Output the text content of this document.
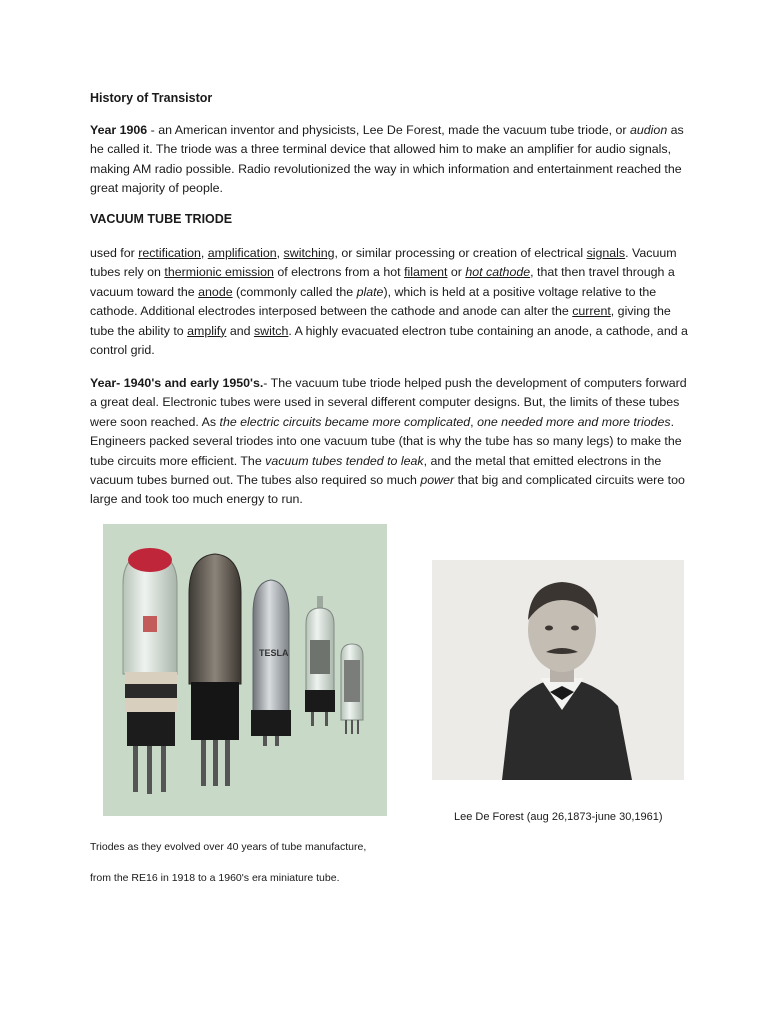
History of Transistor

Year 1906 - an American inventor and physicists, Lee De Forest, made the vacuum tube triode, or audion as he called it. The triode was a three terminal device that allowed him to make an amplifier for audio signals, making AM radio possible. Radio revolutionized the way in which information and entertainment reached the great majority of people.

VACUUM TUBE TRIODE

used for rectification, amplification, switching, or similar processing or creation of electrical signals. Vacuum tubes rely on thermionic emission of electrons from a hot filament or hot cathode, that then travel through a vacuum toward the anode (commonly called the plate), which is held at a positive voltage relative to the cathode. Additional electrodes interposed between the cathode and anode can alter the current, giving the tube the ability to amplify and switch. A highly evacuated electron tube containing an anode, a cathode, and a control grid.

Year- 1940's and early 1950's.- The vacuum tube triode helped push the development of computers forward a great deal. Electronic tubes were used in several different computer designs. But, the limits of these tubes were soon reached. As the electric circuits became more complicated, one needed more and more triodes. Engineers packed several triodes into one vacuum tube (that is why the tube has so many legs) to make the tube circuits more efficient. The vacuum tubes tended to leak, and the metal that emitted electrons in the vacuum tubes burned out. The tubes also required so much power that big and complicated circuits were too large and took too much energy to run.

TESLA
Lee De Forest (aug 26,1873-june 30,1961)
Triodes as they evolved over 40 years of tube manufacture,
from the RE16 in 1918 to a 1960's era miniature tube.
